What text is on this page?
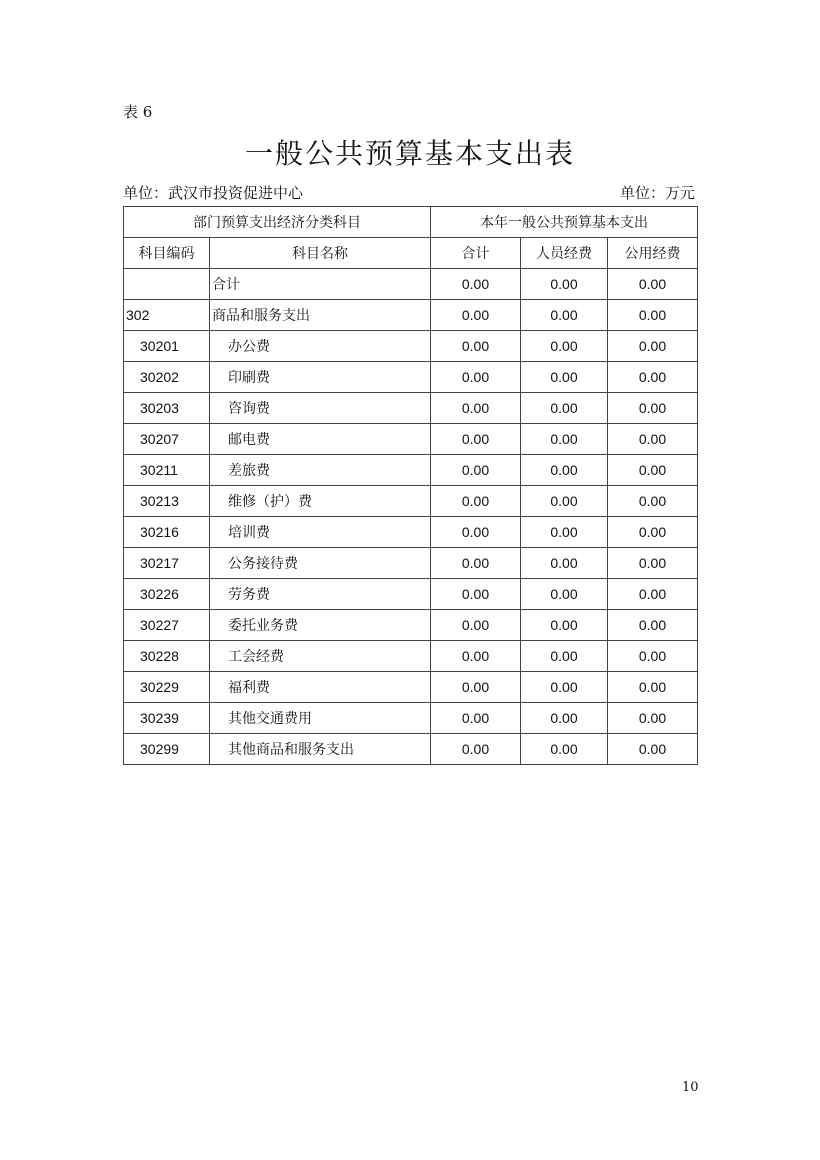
表 6
一般公共预算基本支出表
单位：武汉市投资促进中心	单位：万元
部门预算支出经济分类科目		本年一般公共预算基本支出		
科目编码	科目名称	合计	人员经费	公用经费
	合计	0.00	0.00	0.00
302	商品和服务支出	0.00	0.00	0.00
30201	办公费	0.00	0.00	0.00
30202	印刷费	0.00	0.00	0.00
30203	咨询费	0.00	0.00	0.00
30207	邮电费	0.00	0.00	0.00
30211	差旅费	0.00	0.00	0.00
30213	维修（护）费	0.00	0.00	0.00
30216	培训费	0.00	0.00	0.00
30217	公务接待费	0.00	0.00	0.00
30226	劳务费	0.00	0.00	0.00
30227	委托业务费	0.00	0.00	0.00
30228	工会经费	0.00	0.00	0.00
30229	福利费	0.00	0.00	0.00
30239	其他交通费用	0.00	0.00	0.00
30299	其他商品和服务支出	0.00	0.00	0.00
10
